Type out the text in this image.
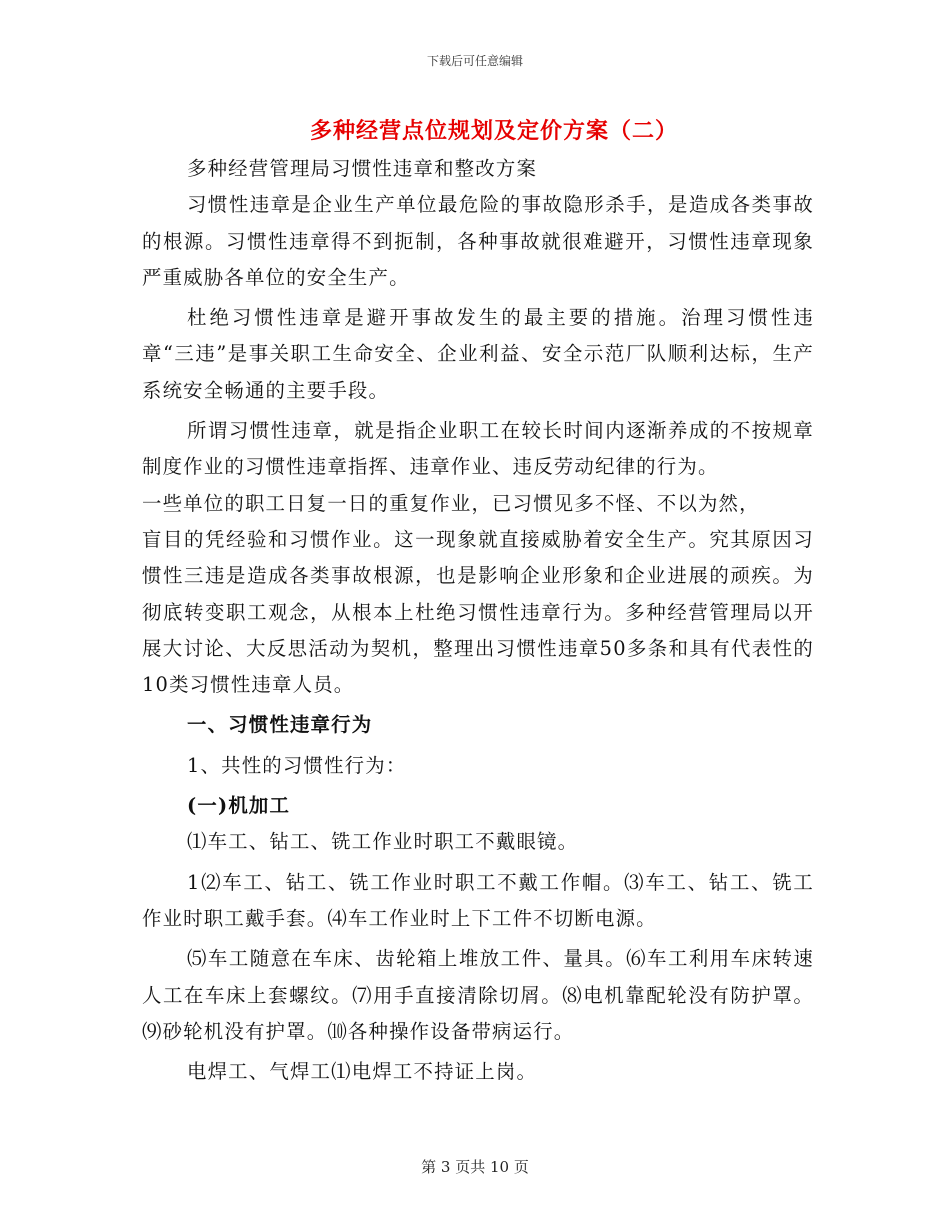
下载后可任意编辑
多种经营点位规划及定价方案（二）

多种经营管理局习惯性违章和整改方案

习惯性违章是企业生产单位最危险的事故隐形杀手，是造成各类事故的根源。习惯性违章得不到扼制，各种事故就很难避开，习惯性违章现象严重威胁各单位的安全生产。

杜绝习惯性违章是避开事故发生的最主要的措施。治理习惯性违章“三违”是事关职工生命安全、企业利益、安全示范厂队顺利达标，生产系统安全畅通的主要手段。

所谓习惯性违章，就是指企业职工在较长时间内逐渐养成的不按规章制度作业的习惯性违章指挥、违章作业、违反劳动纪律的行为。

一些单位的职工日复一日的重复作业，已习惯见多不怪、不以为然，

盲目的凭经验和习惯作业。这一现象就直接威胁着安全生产。究其原因习惯性三违是造成各类事故根源，也是影响企业形象和企业进展的顽疾。为彻底转变职工观念，从根本上杜绝习惯性违章行为。多种经营管理局以开展大讨论、大反思活动为契机，整理出习惯性违章50多条和具有代表性的10类习惯性违章人员。

一、习惯性违章行为

1、共性的习惯性行为：

(一)机加工

⑴车工、钻工、铣工作业时职工不戴眼镜。

1⑵车工、钻工、铣工作业时职工不戴工作帽。⑶车工、钻工、铣工作业时职工戴手套。⑷车工作业时上下工件不切断电源。

⑸车工随意在车床、齿轮箱上堆放工件、量具。⑹车工利用车床转速人工在车床上套螺纹。⑺用手直接清除切屑。⑻电机靠配轮没有防护罩。⑼砂轮机没有护罩。⑽各种操作设备带病运行。

电焊工、气焊工⑴电焊工不持证上岗。

第 3 页共 10 页
